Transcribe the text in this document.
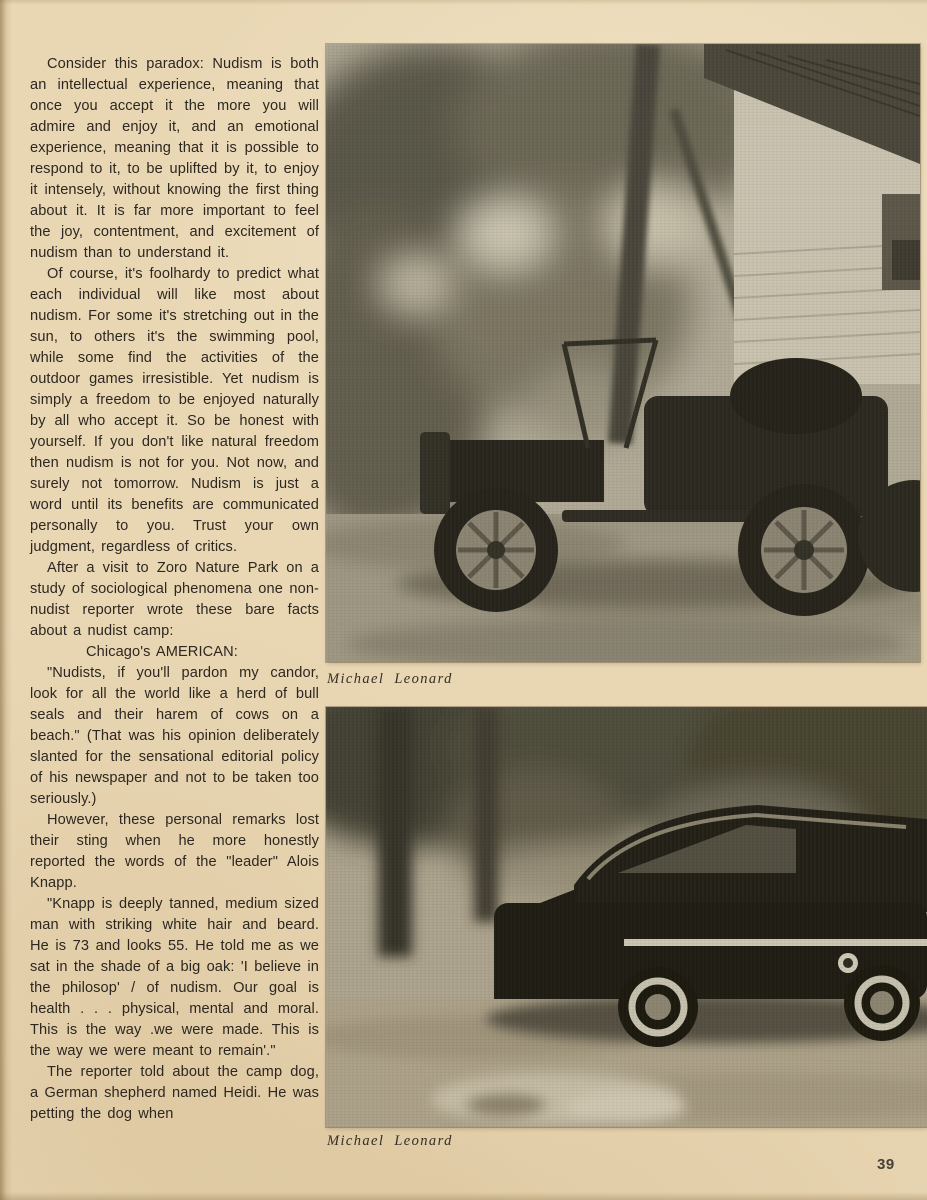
Consider this paradox: Nudism is both an intellectual experience, meaning that once you accept it the more you will admire and enjoy it, and an emotional experience, meaning that it is possible to respond to it, to be uplifted by it, to enjoy it intensely, without knowing the first thing about it. It is far more important to feel the joy, contentment, and excitement of nudism than to understand it.

Of course, it's foolhardy to predict what each individual will like most about nudism. For some it's stretching out in the sun, to others it's the swimming pool, while some find the activities of the outdoor games irresistible. Yet nudism is simply a freedom to be enjoyed naturally by all who accept it. So be honest with yourself. If you don't like natural freedom then nudism is not for you. Not now, and surely not tomorrow. Nudism is just a word until its benefits are communicated personally to you. Trust your own judgment, regardless of critics.

After a visit to Zoro Nature Park on a study of sociological phenomena one non-nudist reporter wrote these bare facts about a nudist camp:

Chicago's AMERICAN:

"Nudists, if you'll pardon my candor, look for all the world like a herd of bull seals and their harem of cows on a beach." (That was his opinion deliberately slanted for the sensational editorial policy of his newspaper and not to be taken too seriously.)

However, these personal remarks lost their sting when he more honestly reported the words of the "leader" Alois Knapp.

"Knapp is deeply tanned, medium sized man with striking white hair and beard. He is 73 and looks 55. He told me as we sat in the shade of a big oak: 'I believe in the philosop' / of nudism. Our goal is health . . . physical, mental and moral. This is the way .we were made. This is the way we were meant to remain'."

The reporter told about the camp dog, a German shepherd named Heidi. He was petting the dog when

Michael Leonard
Michael Leonard
39
